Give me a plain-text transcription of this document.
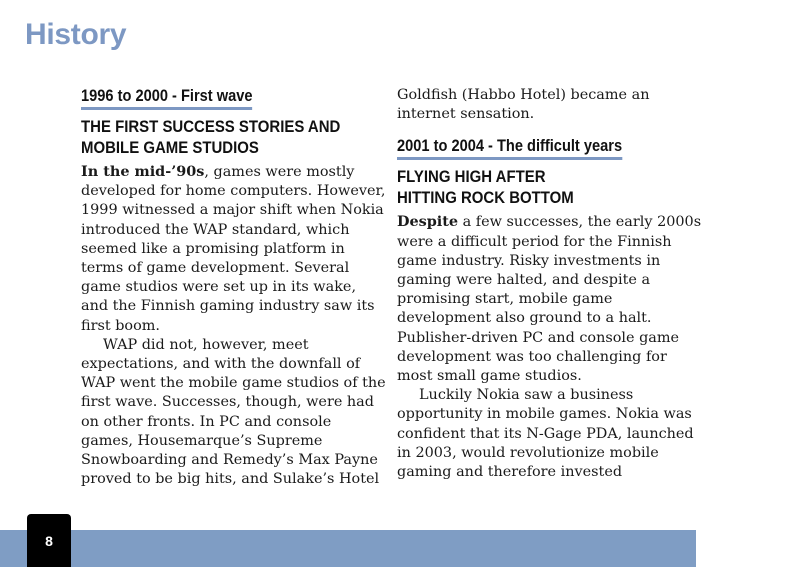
History
1996 to 2000 - First wave
THE FIRST SUCCESS STORIES AND MOBILE GAME STUDIOS

In the mid-’90s, games were mostly developed for home computers. However, 1999 witnessed a major shift when Nokia introduced the WAP standard, which seemed like a promising platform in terms of game development. Several game studios were set up in its wake, and the Finnish gaming industry saw its first boom.

WAP did not, however, meet expectations, and with the downfall of WAP went the mobile game studios of the first wave. Successes, though, were had on other fronts. In PC and console games, Housemarque’s Supreme Snowboarding and Remedy’s Max Payne proved to be big hits, and Sulake’s Hotel

Goldfish (Habbo Hotel) became an internet sensation.

2001 to 2004 - The difficult years
FLYING HIGH AFTER HITTING ROCK BOTTOM

Despite a few successes, the early 2000s were a difficult period for the Finnish game industry. Risky investments in gaming were halted, and despite a promising start, mobile game development also ground to a halt. Publisher-driven PC and console game development was too challenging for most small game studios.

Luckily Nokia saw a business opportunity in mobile games. Nokia was confident that its N-Gage PDA, launched in 2003, would revolutionize mobile gaming and therefore invested

8
